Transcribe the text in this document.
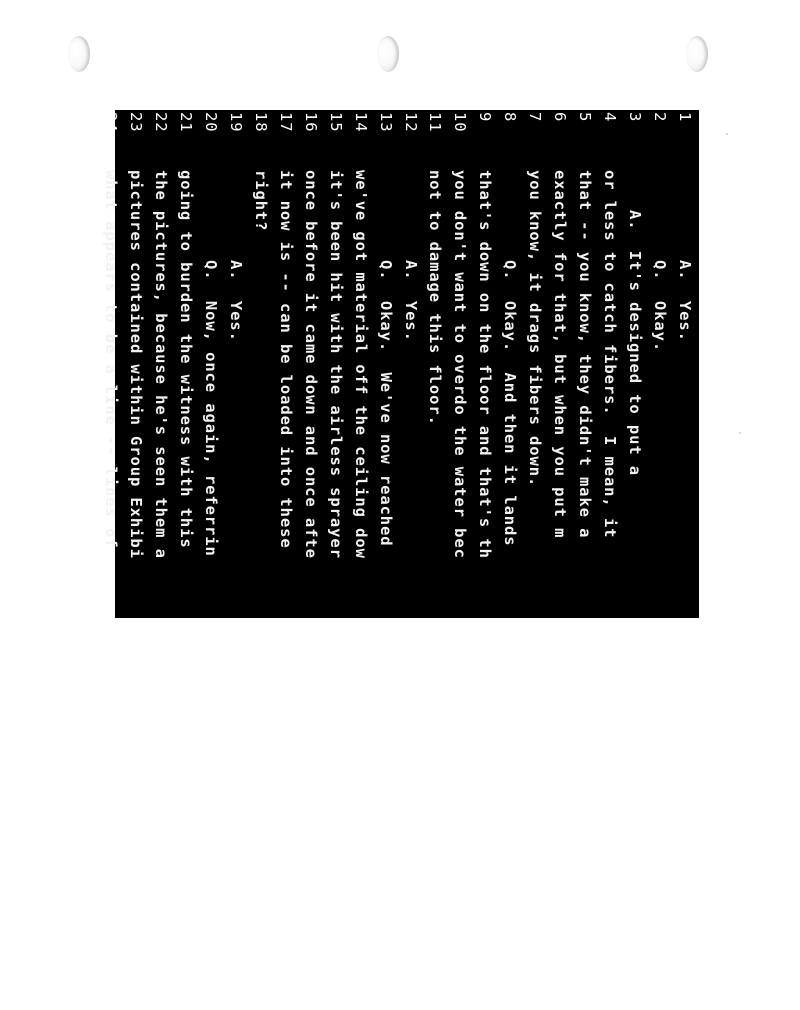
1
A.  Yes.
2
Q.  Okay.
3
A.  It's designed to put a
4
or less to catch fibers.  I mean, it
5
that -- you know, they didn't make a
6
exactly for that, but when you put m
7
you know, it drags fibers down.
8
Q.  Okay.  And then it lands
9
that's down on the floor and that's th
10
you don't want to overdo the water bec
11
not to damage this floor.
12
A.  Yes.
13
Q.  Okay.  We've now reached
14
we've got material off the ceiling dow
15
it's been hit with the airless sprayer
16
once before it came down and once afte
17
it now is -- can be loaded into these
18
right?
19
A.  Yes.
20
Q.  Now, once again, referrin
21
going to burden the witness with this
22
the pictures, because he's seen them a
23
pictures contained within Group Exhibi
24
what appears to be a line -- lines of
